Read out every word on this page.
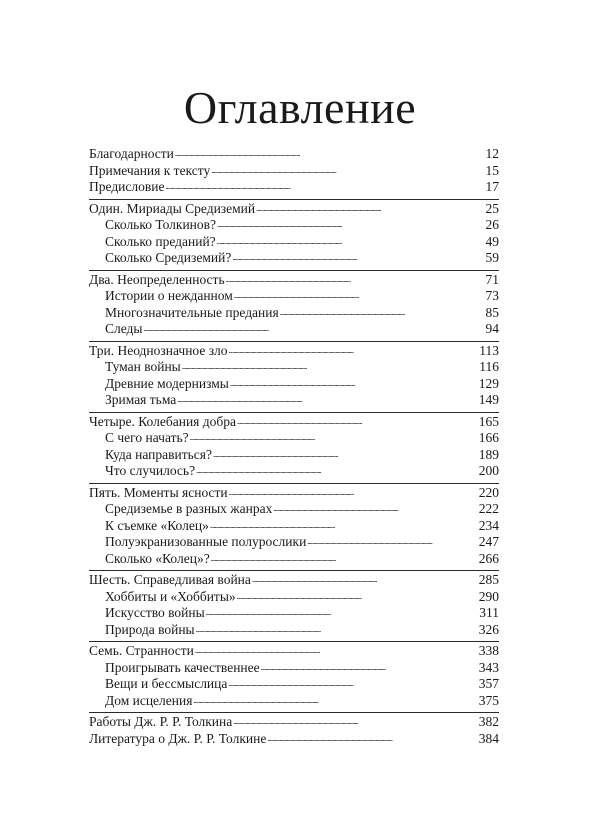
Оглавление
Благодарности . . .	12
Примечания к тексту . . .	15
Предисловие . . .	17
Один. Мириады Средиземий . . .	25
Сколько Толкинов? . . .	26
Сколько преданий? . . .	49
Сколько Средиземий? . . .	59
Два. Неопределенность . . .	71
Истории о нежданном . . .	73
Многозначительные предания . . .	85
Следы . . .	94
Три. Неоднозначное зло . . .	113
Туман войны . . .	116
Древние модернизмы . . .	129
Зримая тьма . . .	149
Четыре. Колебания добра . . .	165
С чего начать? . . .	166
Куда направиться? . . .	189
Что случилось? . . .	200
Пять. Моменты ясности . . .	220
Средиземье в разных жанрах . . .	222
К съемке «Колец» . . .	234
Полуэкранизованные полурослики . . .	247
Сколько «Колец»? . . .	266
Шесть. Справедливая война . . .	285
Хоббиты и «Хоббиты» . . .	290
Искусство войны . . .	311
Природа войны . . .	326
Семь. Странности . . .	338
Проигрывать качественнее . . .	343
Вещи и бессмыслица . . .	357
Дом исцеления . . .	375
Работы Дж. Р. Р. Толкина . . .	382
Литература о Дж. Р. Р. Толкине . . .	384
